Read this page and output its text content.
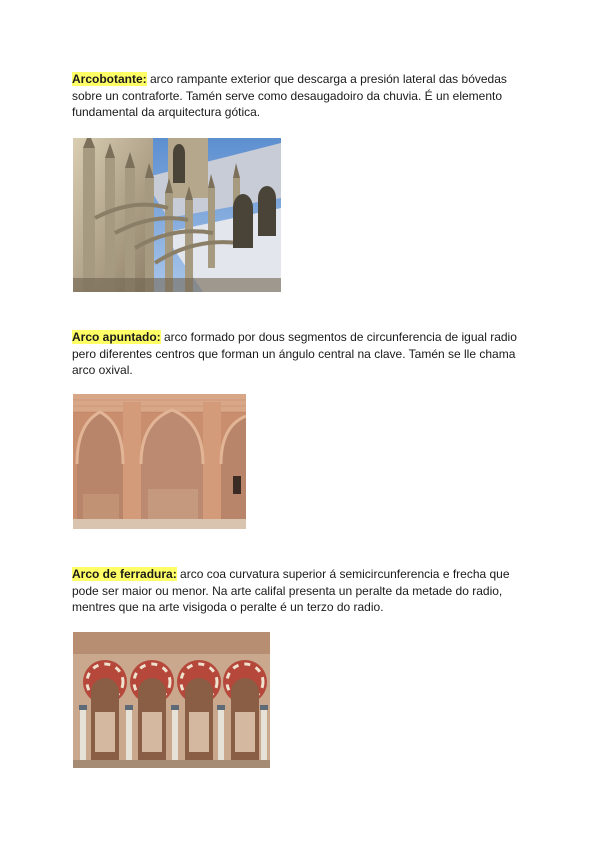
Arcobotante: arco rampante exterior que descarga a presión lateral das bóvedas sobre un contraforte. Tamén serve como desaugadoiro da chuvia. É un elemento fundamental da arquitectura gótica.

Arco apuntado: arco formado por dous segmentos de circunferencia de igual radio pero diferentes centros que forman un ángulo central na clave. Tamén se lle chama arco oxival.

Arco de ferradura: arco coa curvatura superior á semicircunferencia e frecha que pode ser maior ou menor. Na arte califal presenta un peralte da metade do radio, mentres que na arte visigoda o peralte é un terzo do radio.
